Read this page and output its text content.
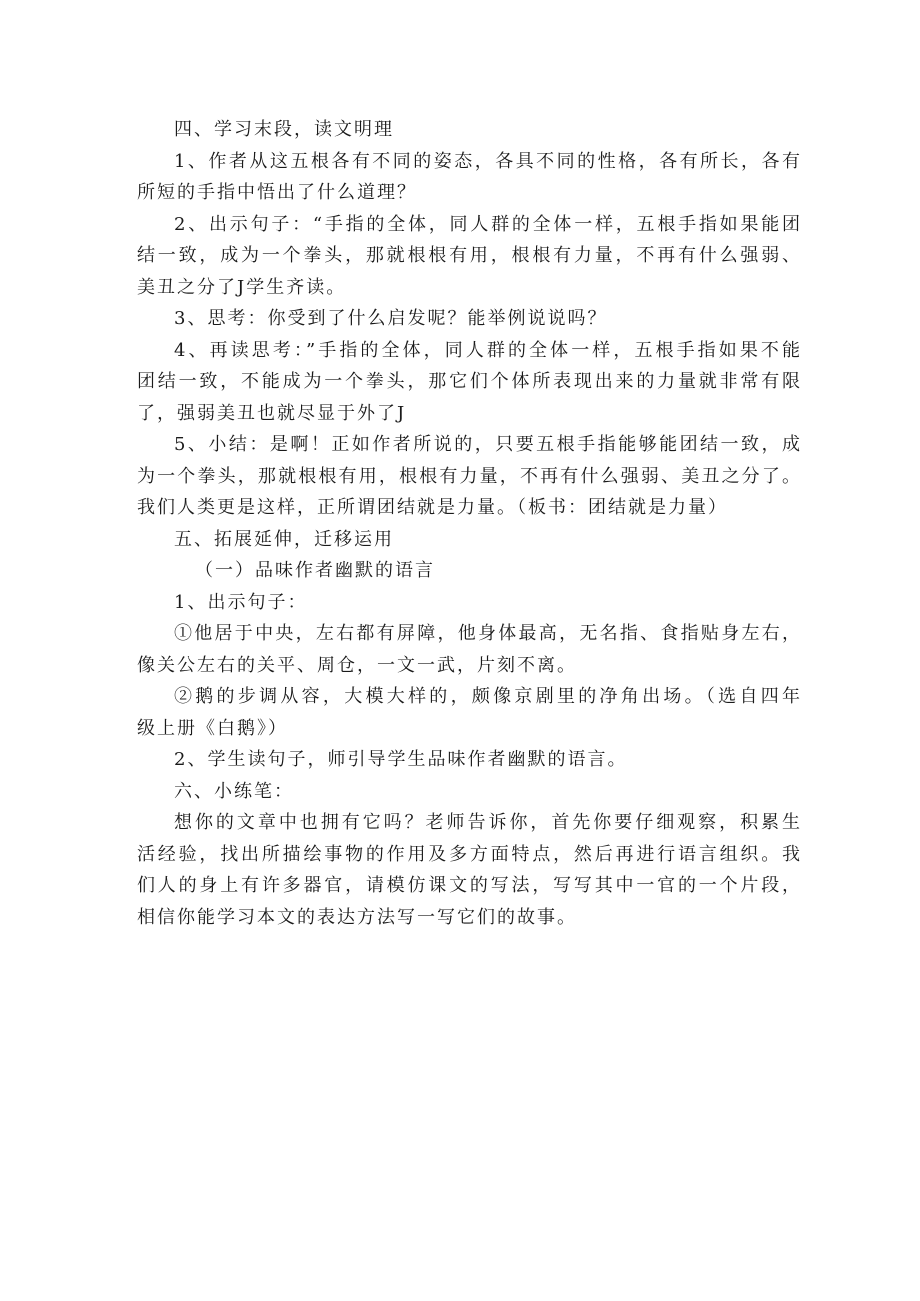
四、学习末段，读文明理
1、作者从这五根各有不同的姿态，各具不同的性格，各有所长，各有
所短的手指中悟出了什么道理？
2、出示句子：“手指的全体，同人群的全体一样，五根手指如果能团
结一致，成为一个拳头，那就根根有用，根根有力量，不再有什么强弱、
美丑之分了J学生齐读。
3、思考：你受到了什么启发呢？能举例说说吗？
4、再读思考：”手指的全体，同人群的全体一样，五根手指如果不能
团结一致，不能成为一个拳头，那它们个体所表现出来的力量就非常有限
了，强弱美丑也就尽显于外了J
5、小结：是啊！正如作者所说的，只要五根手指能够能团结一致，成
为一个拳头，那就根根有用，根根有力量，不再有什么强弱、美丑之分了。
我们人类更是这样，正所谓团结就是力量。（板书：团结就是力量）
五、拓展延伸，迁移运用
（一）品味作者幽默的语言
1、出示句子：
①他居于中央，左右都有屏障，他身体最高，无名指、食指贴身左右，
像关公左右的关平、周仓，一文一武，片刻不离。
②鹅的步调从容，大模大样的，颇像京剧里的净角出场。（选自四年
级上册《白鹅》）
2、学生读句子，师引导学生品味作者幽默的语言。
六、小练笔：
想你的文章中也拥有它吗？老师告诉你，首先你要仔细观察，积累生
活经验，找出所描绘事物的作用及多方面特点，然后再进行语言组织。我
们人的身上有许多器官，请模仿课文的写法，写写其中一官的一个片段，
相信你能学习本文的表达方法写一写它们的故事。
